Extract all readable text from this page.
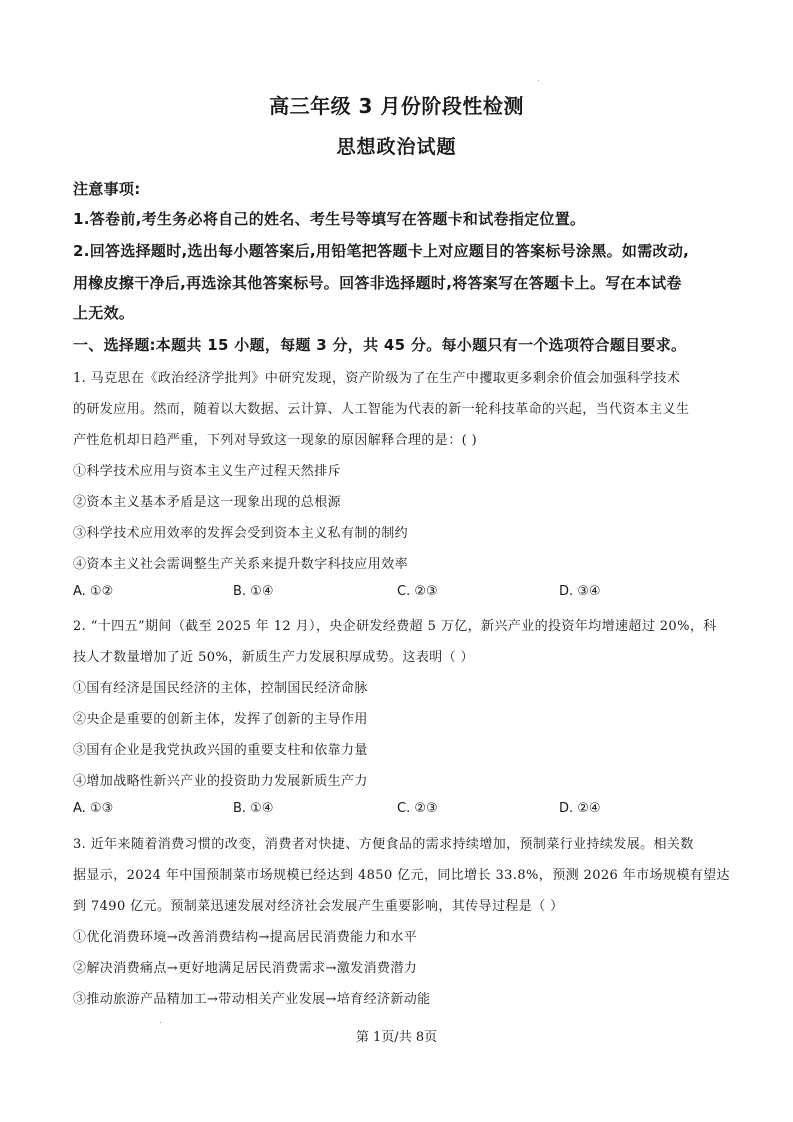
高三年级 3 月份阶段性检测
思想政治试题
注意事项:
1.答卷前,考生务必将自己的姓名、考生号等填写在答题卡和试卷指定位置。
2.回答选择题时,选出每小题答案后,用铅笔把答题卡上对应题目的答案标号涂黑。如需改动,
用橡皮擦干净后,再选涂其他答案标号。回答非选择题时,将答案写在答题卡上。写在本试卷
上无效。
一、选择题:本题共 15 小题，每题 3 分，共 45 分。每小题只有一个选项符合题目要求。
1. 马克思在《政治经济学批判》中研究发现，资产阶级为了在生产中攫取更多剩余价值会加强科学技术
的研发应用。然而，随着以大数据、云计算、人工智能为代表的新一轮科技革命的兴起，当代资本主义生
产性危机却日趋严重，下列对导致这一现象的原因解释合理的是：( )
①科学技术应用与资本主义生产过程天然排斥
②资本主义基本矛盾是这一现象出现的总根源
③科学技术应用效率的发挥会受到资本主义私有制的制约
④资本主义社会需调整生产关系来提升数字科技应用效率
A. ①②	B. ①④	C. ②③	D. ③④
2. “十四五”期间（截至 2025 年 12 月），央企研发经费超 5 万亿，新兴产业的投资年均增速超过 20%，科
技人才数量增加了近 50%，新质生产力发展积厚成势。这表明（ ）
①国有经济是国民经济的主体，控制国民经济命脉
②央企是重要的创新主体，发挥了创新的主导作用
③国有企业是我党执政兴国的重要支柱和依靠力量
④增加战略性新兴产业的投资助力发展新质生产力
A. ①③	B. ①④	C. ②③	D. ②④
3. 近年来随着消费习惯的改变，消费者对快捷、方便食品的需求持续增加，预制菜行业持续发展。相关数
据显示，2024 年中国预制菜市场规模已经达到 4850 亿元，同比增长 33.8%，预测 2026 年市场规模有望达
到 7490 亿元。预制菜迅速发展对经济社会发展产生重要影响，其传导过程是（ ）
①优化消费环境→改善消费结构→提高居民消费能力和水平
②解决消费痛点→更好地满足居民消费需求→激发消费潜力
③推动旅游产品精加工→带动相关产业发展→培育经济新动能
第 1页/共 8页
